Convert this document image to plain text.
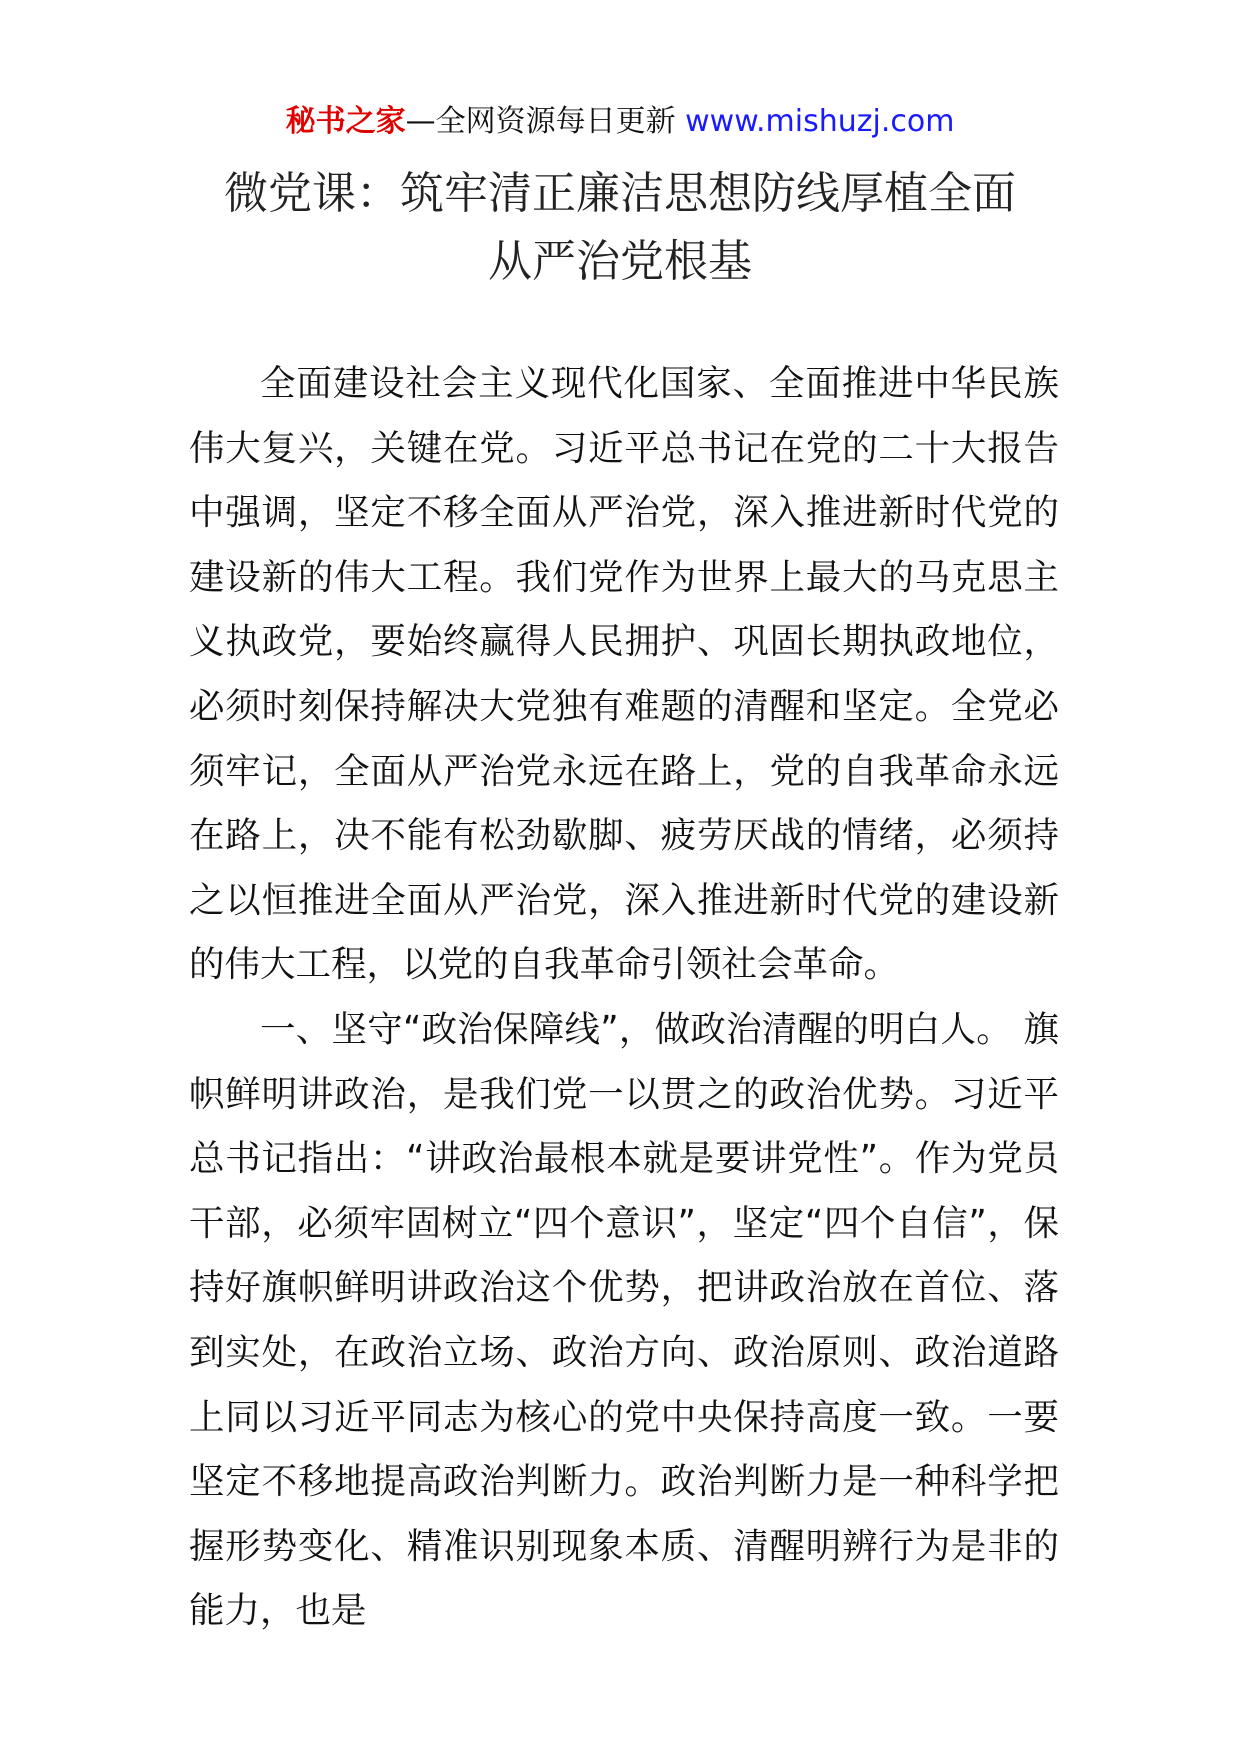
秘书之家—全网资源每日更新 www.mishuzj.com
微党课：筑牢清正廉洁思想防线厚植全面
从严治党根基

全面建设社会主义现代化国家、全面推进中华民族伟大复兴，关键在党。习近平总书记在党的二十大报告中强调，坚定不移全面从严治党，深入推进新时代党的建设新的伟大工程。我们党作为世界上最大的马克思主义执政党，要始终赢得人民拥护、巩固长期执政地位，必须时刻保持解决大党独有难题的清醒和坚定。全党必须牢记，全面从严治党永远在路上，党的自我革命永远在路上，决不能有松劲歇脚、疲劳厌战的情绪，必须持之以恒推进全面从严治党，深入推进新时代党的建设新的伟大工程，以党的自我革命引领社会革命。

一、坚守“政治保障线”，做政治清醒的明白人。 旗帜鲜明讲政治，是我们党一以贯之的政治优势。习近平总书记指出：“讲政治最根本就是要讲党性”。作为党员干部，必须牢固树立“四个意识”，坚定“四个自信”，保持好旗帜鲜明讲政治这个优势，把讲政治放在首位、落到实处，在政治立场、政治方向、政治原则、政治道路上同以习近平同志为核心的党中央保持高度一致。一要坚定不移地提高政治判断力。政治判断力是一种科学把握形势变化、精准识别现象本质、清醒明辨行为是非的能力，也是
